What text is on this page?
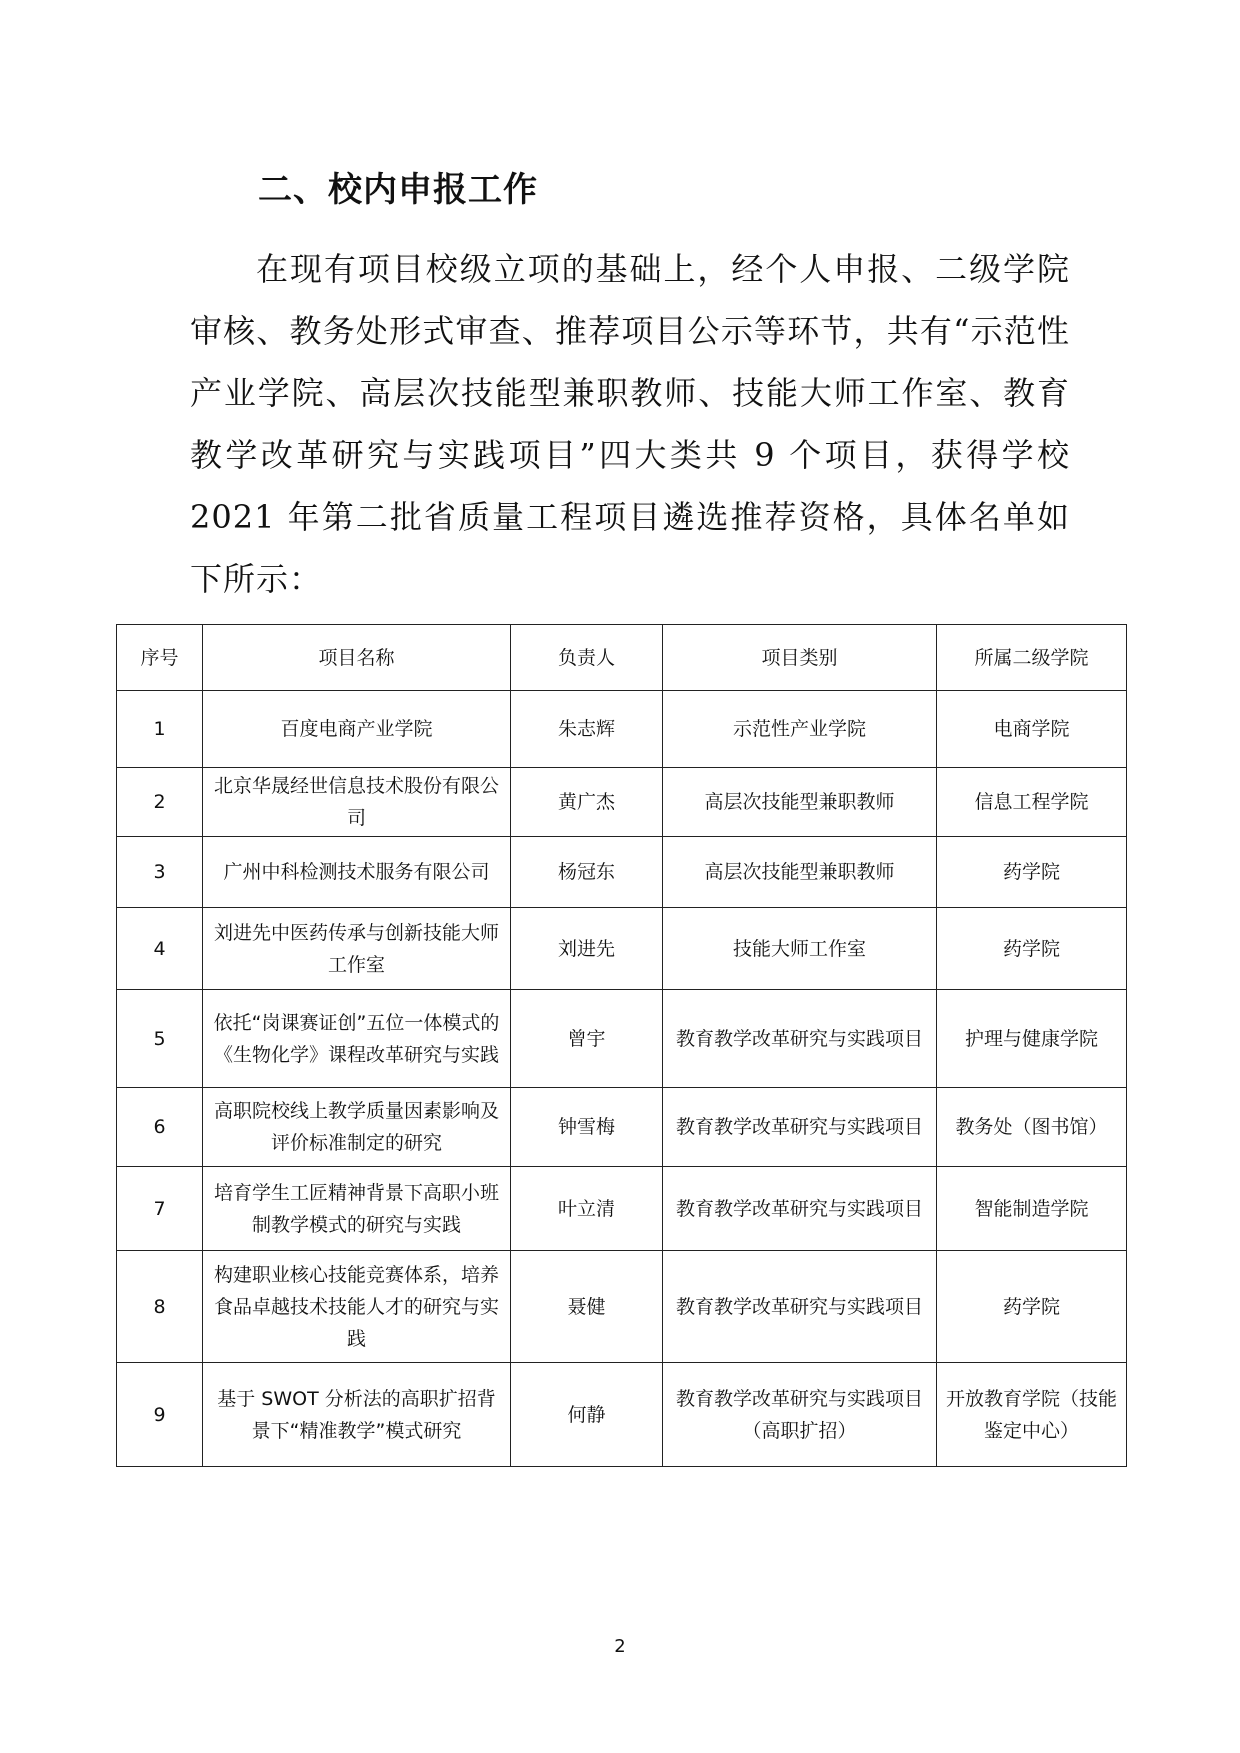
二、校内申报工作

在现有项目校级立项的基础上，经个人申报、二级学院审核、教务处形式审查、推荐项目公示等环节，共有“示范性产业学院、高层次技能型兼职教师、技能大师工作室、教育教学改革研究与实践项目”四大类共 9 个项目，获得学校 2021 年第二批省质量工程项目遴选推荐资格，具体名单如下所示：

序号	项目名称	负责人	项目类别	所属二级学院
1	百度电商产业学院	朱志辉	示范性产业学院	电商学院
2	北京华晟经世信息技术股份有限公司	黄广杰	高层次技能型兼职教师	信息工程学院
3	广州中科检测技术服务有限公司	杨冠东	高层次技能型兼职教师	药学院
4	刘进先中医药传承与创新技能大师工作室	刘进先	技能大师工作室	药学院
5	依托“岗课赛证创”五位一体模式的《生物化学》课程改革研究与实践	曾宇	教育教学改革研究与实践项目	护理与健康学院
6	高职院校线上教学质量因素影响及评价标准制定的研究	钟雪梅	教育教学改革研究与实践项目	教务处（图书馆）
7	培育学生工匠精神背景下高职小班制教学模式的研究与实践	叶立清	教育教学改革研究与实践项目	智能制造学院
8	构建职业核心技能竞赛体系，培养食品卓越技术技能人才的研究与实践	聂健	教育教学改革研究与实践项目	药学院
9	基于 SWOT 分析法的高职扩招背景下“精准教学”模式研究	何静	教育教学改革研究与实践项目（高职扩招）	开放教育学院（技能鉴定中心）
2
